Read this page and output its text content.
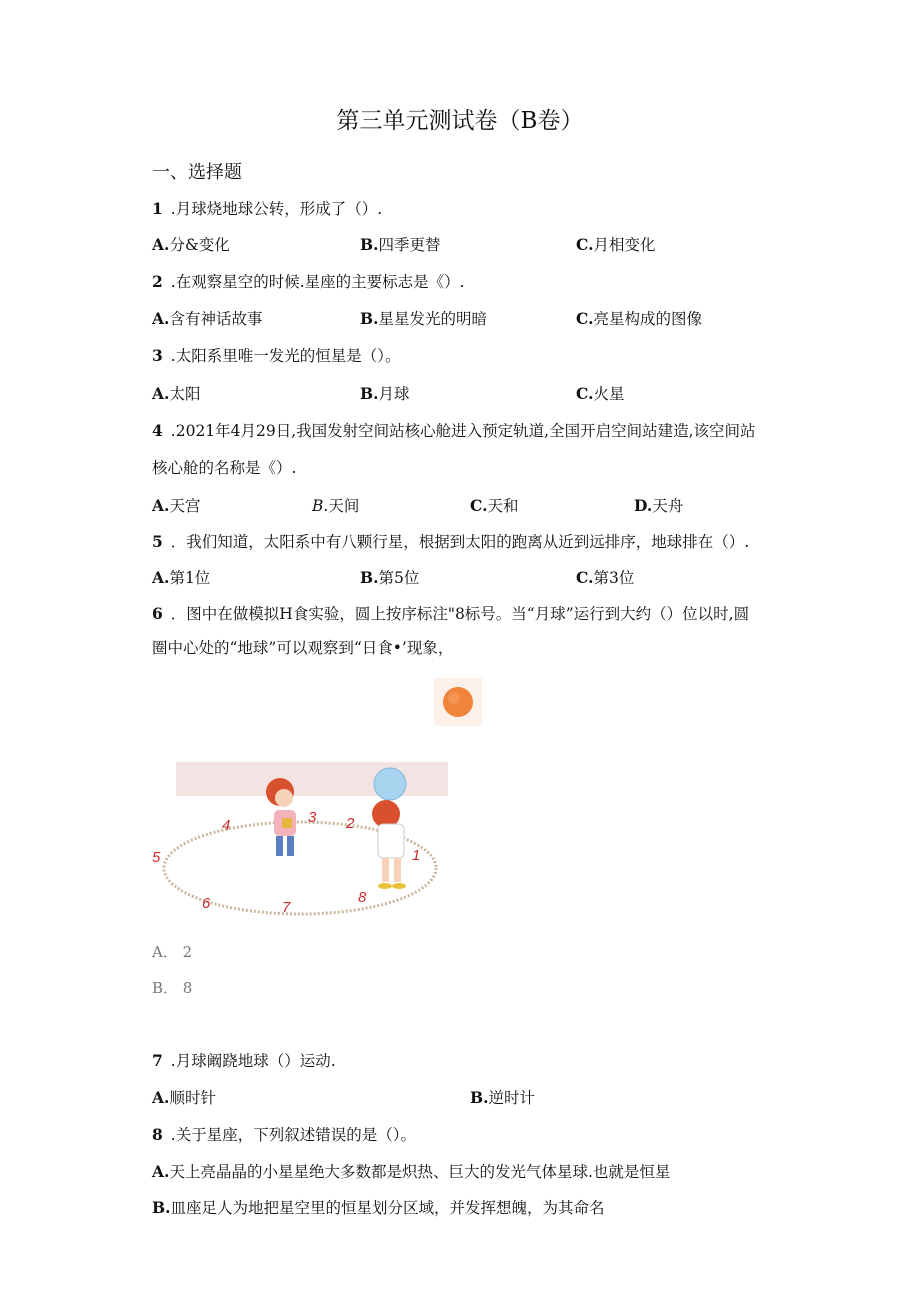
第三单元测试卷（B卷）
一、选择题
1 .月球烧地球公转，形成了（）.
A.分&变化	B.四季更替	C.月相变化
2 .在观察星空的时候.星座的主要标志是《）.
A.含有神话故事	B.星星发光的明暗	C.亮星构成的图像
3 .太阳系里唯一发光的恒星是（）。
A.太阳	B.月球	C.火星
4 .2021年4月29日,我国发射空间站核心舱进入预定轨道,全国开启空间站建造,该空间站
核心舱的名称是《）.
A.天宫	B.天间	C.天和	D.天舟
5 ．我们知道，太阳系中有八颗行星，根据到太阳的跑离从近到远排序，地球排在（）.
A.第1位	B.第5位	C.第3位
6 ．图中在做模拟H食实验，圆上按序标注"8标号。当“月球”运行到大约（）位以时,圆
圈中心处的“地球”可以观察到“日食•’现象，
1
2
3
4
5
6	7
8
A． 2
B． 8
7 .月球阚跷地球（）运动.
A.顺时针	B.逆时计
8 .关于星座，下列叙述错误的是（）。
A.天上亮晶晶的小星星绝大多数都是炽热、巨大的发光气体星球.也就是恒星
B.皿座足人为地把星空里的恒星划分区域，并发挥想魄，为其命名
